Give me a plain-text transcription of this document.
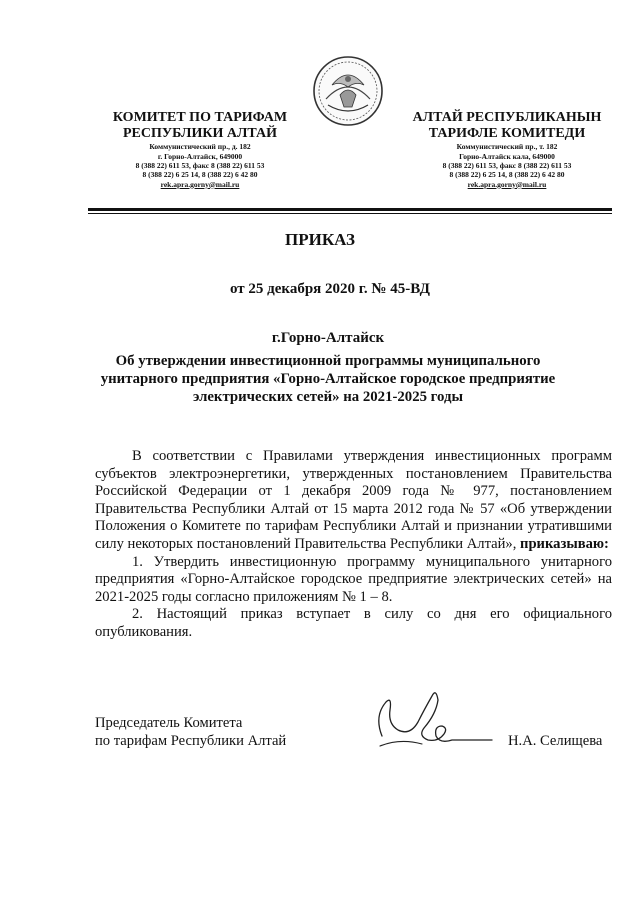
КОМИТЕТ ПО ТАРИФАМ
РЕСПУБЛИКИ АЛТАЙ
Коммунистический пр., д. 182
г. Горно-Алтайск, 649000
8 (388 22) 611 53, факс 8 (388 22) 611 53
8 (388 22) 6 25 14, 8 (388 22) 6 42 80
rek.apra.gorny@mail.ru
АЛТАЙ РЕСПУБЛИКАНЫН
ТАРИФЛЕ КОМИТЕДИ
Коммунистический пр., т. 182
Горно-Алтайск кала, 649000
8 (388 22) 611 53, факс 8 (388 22) 611 53
8 (388 22) 6 25 14, 8 (388 22) 6 42 80
rek.apra.gorny@mail.ru
ПРИКАЗ
от 25 декабря 2020 г. № 45-ВД
г.Горно-Алтайск
Об утверждении инвестиционной программы муниципального
унитарного предприятия «Горно-Алтайское городское предприятие
электрических сетей» на 2021-2025 годы

В соответствии с Правилами утверждения инвестиционных программ субъектов электроэнергетики, утвержденных постановлением Правительства Российской Федерации от 1 декабря 2009 года № 977, постановлением Правительства Республики Алтай от 15 марта 2012 года № 57 «Об утверждении Положения о Комитете по тарифам Республики Алтай и признании утратившими силу некоторых постановлений Правительства Республики Алтай», приказываю:

1. Утвердить инвестиционную программу муниципального унитарного предприятия «Горно-Алтайское городское предприятие электрических сетей» на 2021-2025 годы согласно приложениям № 1 – 8.

2. Настоящий приказ вступает в силу со дня его официального опубликования.

Председатель Комитета
по тарифам Республики Алтай	Н.А. Селищева
